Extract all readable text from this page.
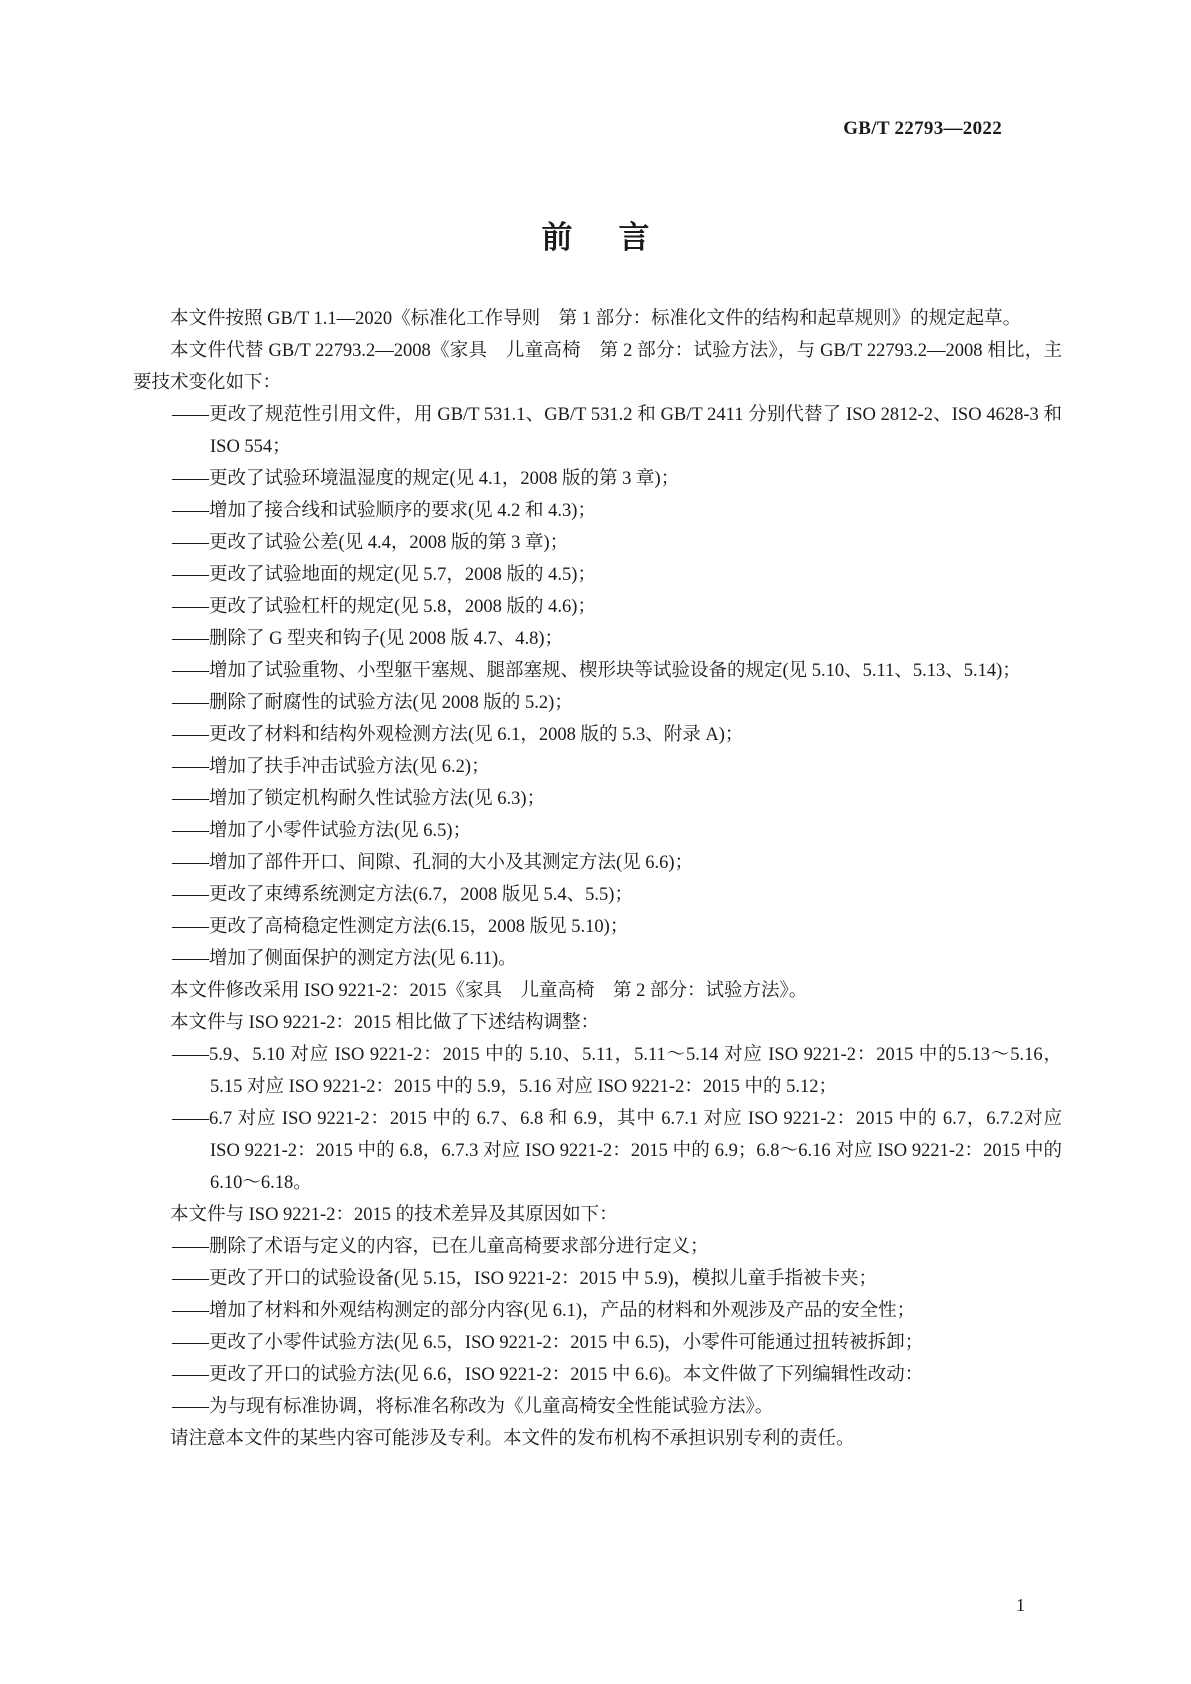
GB/T 22793—2022
前言

本文件按照 GB/T 1.1—2020《标准化工作导则　第 1 部分：标准化文件的结构和起草规则》的规定起草。

本文件代替 GB/T 22793.2—2008《家具　儿童高椅　第 2 部分：试验方法》，与 GB/T 22793.2—2008 相比，主要技术变化如下：

——更改了规范性引用文件，用 GB/T 531.1、GB/T 531.2 和 GB/T 2411 分别代替了 ISO 2812-2、ISO 4628-3 和 ISO 554；

——更改了试验环境温湿度的规定(见 4.1，2008 版的第 3 章)；

——增加了接合线和试验顺序的要求(见 4.2 和 4.3)；

——更改了试验公差(见 4.4，2008 版的第 3 章)；

——更改了试验地面的规定(见 5.7，2008 版的 4.5)；

——更改了试验杠杆的规定(见 5.8，2008 版的 4.6)；

——删除了 G 型夹和钩子(见 2008 版 4.7、4.8)；

——增加了试验重物、小型躯干塞规、腿部塞规、楔形块等试验设备的规定(见 5.10、5.11、5.13、5.14)；

——删除了耐腐性的试验方法(见 2008 版的 5.2)；

——更改了材料和结构外观检测方法(见 6.1，2008 版的 5.3、附录 A)；

——增加了扶手冲击试验方法(见 6.2)；

——增加了锁定机构耐久性试验方法(见 6.3)；

——增加了小零件试验方法(见 6.5)；

——增加了部件开口、间隙、孔洞的大小及其测定方法(见 6.6)；

——更改了束缚系统测定方法(6.7，2008 版见 5.4、5.5)；

——更改了高椅稳定性测定方法(6.15，2008 版见 5.10)；

——增加了侧面保护的测定方法(见 6.11)。

本文件修改采用 ISO 9221-2：2015《家具　儿童高椅　第 2 部分：试验方法》。

本文件与 ISO 9221-2：2015 相比做了下述结构调整：

——5.9、5.10 对应 ISO 9221-2：2015 中的 5.10、5.11，5.11～5.14 对应 ISO 9221-2：2015 中的5.13～5.16，5.15 对应 ISO 9221-2：2015 中的 5.9，5.16 对应 ISO 9221-2：2015 中的 5.12；

——6.7 对应 ISO 9221-2：2015 中的 6.7、6.8 和 6.9，其中 6.7.1 对应 ISO 9221-2：2015 中的 6.7，6.7.2对应 ISO 9221-2：2015 中的 6.8，6.7.3 对应 ISO 9221-2：2015 中的 6.9；6.8～6.16 对应 ISO 9221-2：2015 中的 6.10～6.18。

本文件与 ISO 9221-2：2015 的技术差异及其原因如下：

——删除了术语与定义的内容，已在儿童高椅要求部分进行定义；

——更改了开口的试验设备(见 5.15，ISO 9221-2：2015 中 5.9)，模拟儿童手指被卡夹；

——增加了材料和外观结构测定的部分内容(见 6.1)，产品的材料和外观涉及产品的安全性；

——更改了小零件试验方法(见 6.5，ISO 9221-2：2015 中 6.5)，小零件可能通过扭转被拆卸；

——更改了开口的试验方法(见 6.6，ISO 9221-2：2015 中 6.6)。本文件做了下列编辑性改动：

——为与现有标准协调，将标准名称改为《儿童高椅安全性能试验方法》。

请注意本文件的某些内容可能涉及专利。本文件的发布机构不承担识别专利的责任。

1
